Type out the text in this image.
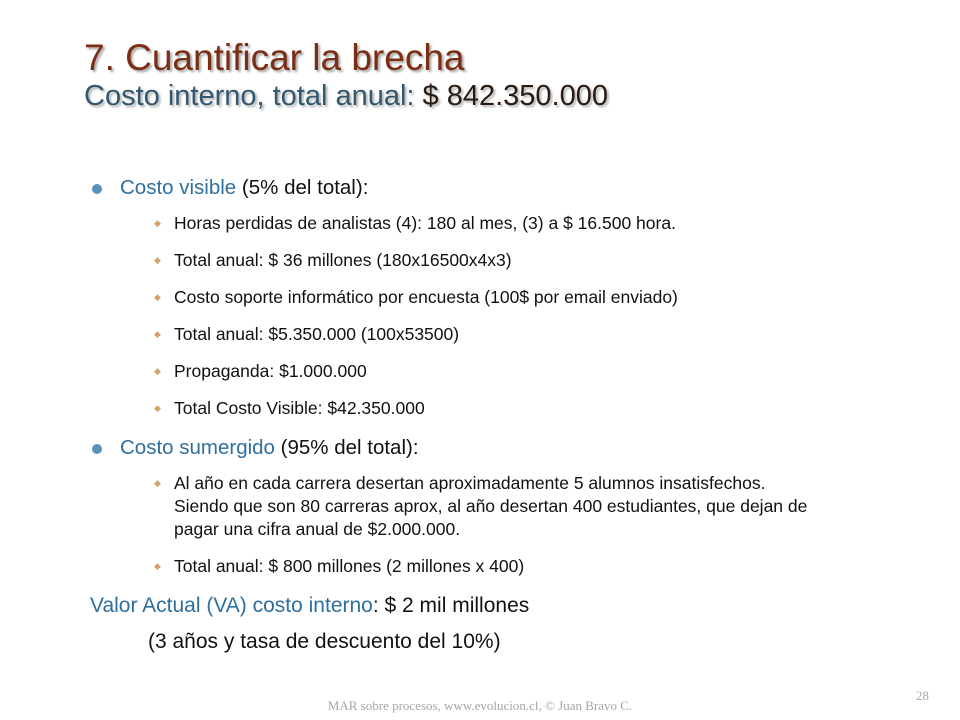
7. Cuantificar la brecha
Costo interno, total anual: $ 842.350.000
Costo visible (5% del total):
◆ Horas perdidas de analistas (4): 180 al mes, (3) a $ 16.500 hora.
◆ Total anual: $ 36 millones (180x16500x4x3)
◆ Costo soporte informático por encuesta (100$ por email enviado)
◆ Total anual: $5.350.000 (100x53500)
◆ Propaganda: $1.000.000
◆ Total Costo Visible: $42.350.000
Costo sumergido (95% del total):
◆ Al año en cada carrera desertan aproximadamente 5 alumnos insatisfechos. Siendo que son 80 carreras aprox, al año desertan 400 estudiantes, que dejan de pagar una cifra anual de $2.000.000.
◆ Total anual: $ 800 millones (2 millones x 400)
Valor Actual (VA) costo interno: $ 2 mil millones
(3 años y tasa de descuento del 10%)
MAR sobre procesos, www.evolucion.cl, © Juan Bravo C.
28
